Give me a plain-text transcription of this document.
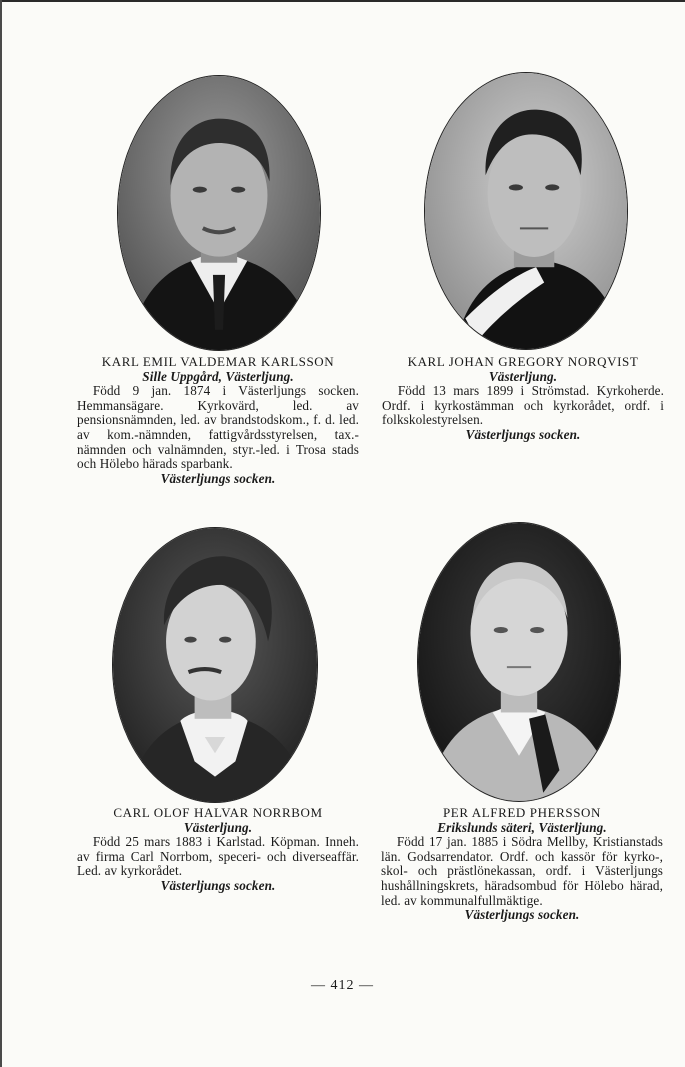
KARL EMIL VALDEMAR KARLSSON
Sille Uppgård, Västerljung.
Född 9 jan. 1874 i Västerljungs socken. Hemmansägare. Kyrkovärd, led. av pensionsnämnden, led. av brandstodskom., f. d. led. av kom.-nämnden, fattigvårdsstyrelsen, tax.-nämnden och valnämnden, styr.-led. i Trosa stads och Hölebo härads sparbank.
Västerljungs socken.
KARL JOHAN GREGORY NORQVIST
Västerljung.
Född 13 mars 1899 i Strömstad. Kyrkoherde. Ordf. i kyrkostämman och kyrkorådet, ordf. i folkskolestyrelsen.
Västerljungs socken.
CARL OLOF HALVAR NORRBOM
Västerljung.
Född 25 mars 1883 i Karlstad. Köpman. Inneh. av firma Carl Norrbom, speceri- och diverseaffär. Led. av kyrkorådet.
Västerljungs socken.
PER ALFRED PHERSSON
Erikslunds säteri, Västerljung.
Född 17 jan. 1885 i Södra Mellby, Kristianstads län. Godsarrendator. Ordf. och kassör för kyrko-, skol- och prästlönekassan, ordf. i Västerljungs hushållningskrets, häradsombud för Hölebo härad, led. av kommunalfullmäktige.
Västerljungs socken.
— 412 —
